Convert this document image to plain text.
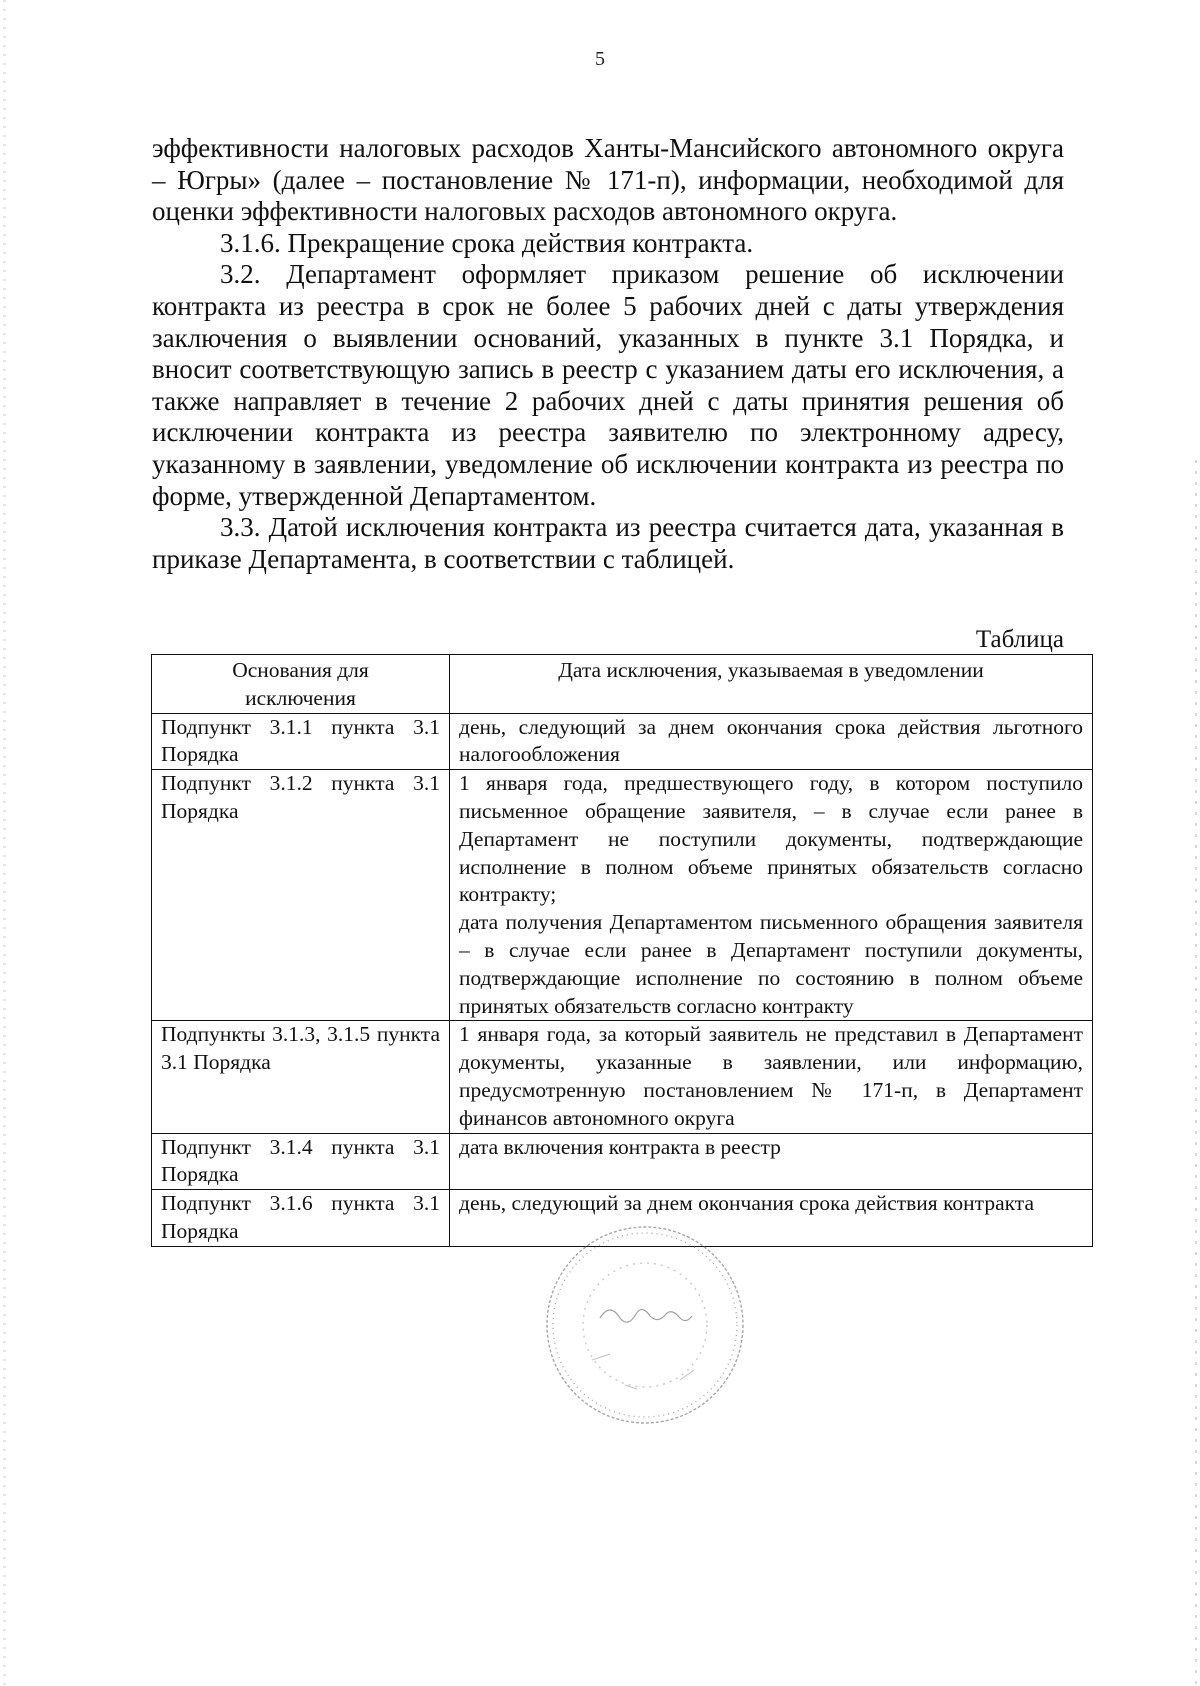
5

эффективности налоговых расходов Ханты-Мансийского автономного округа – Югры» (далее – постановление № 171-п), информации, необходимой для оценки эффективности налоговых расходов автономного округа.

3.1.6. Прекращение срока действия контракта.

3.2. Департамент оформляет приказом решение об исключении контракта из реестра в срок не более 5 рабочих дней с даты утверждения заключения о выявлении оснований, указанных в пункте 3.1 Порядка, и вносит соответствующую запись в реестр с указанием даты его исключения, а также направляет в течение 2 рабочих дней с даты принятия решения об исключении контракта из реестра заявителю по электронному адресу, указанному в заявлении, уведомление об исключении контракта из реестра по форме, утвержденной Департаментом.

3.3. Датой исключения контракта из реестра считается дата, указанная в приказе Департамента, в соответствии с таблицей.

Таблица
Основания для исключения	Дата исключения, указываемая в уведомлении
Подпункт 3.1.1 пункта 3.1 Порядка	день, следующий за днем окончания срока действия льготного налогообложения
Подпункт 3.1.2 пункта 3.1 Порядка	1 января года, предшествующего году, в котором поступило письменное обращение заявителя, – в случае если ранее в Департамент не поступили документы, подтверждающие исполнение в полном объеме принятых обязательств согласно контракту;
дата получения Департаментом письменного обращения заявителя – в случае если ранее в Департамент поступили документы, подтверждающие исполнение по состоянию в полном объеме принятых обязательств согласно контракту

Подпункты 3.1.3, 3.1.5 пункта 3.1 Порядка	1 января года, за который заявитель не представил в Департамент документы, указанные в заявлении, или информацию, предусмотренную постановлением № 171-п, в Департамент финансов автономного округа
Подпункт 3.1.4 пункта 3.1 Порядка	дата включения контракта в реестр
Подпункт 3.1.6 пункта 3.1 Порядка	день, следующий за днем окончания срока действия контракта
